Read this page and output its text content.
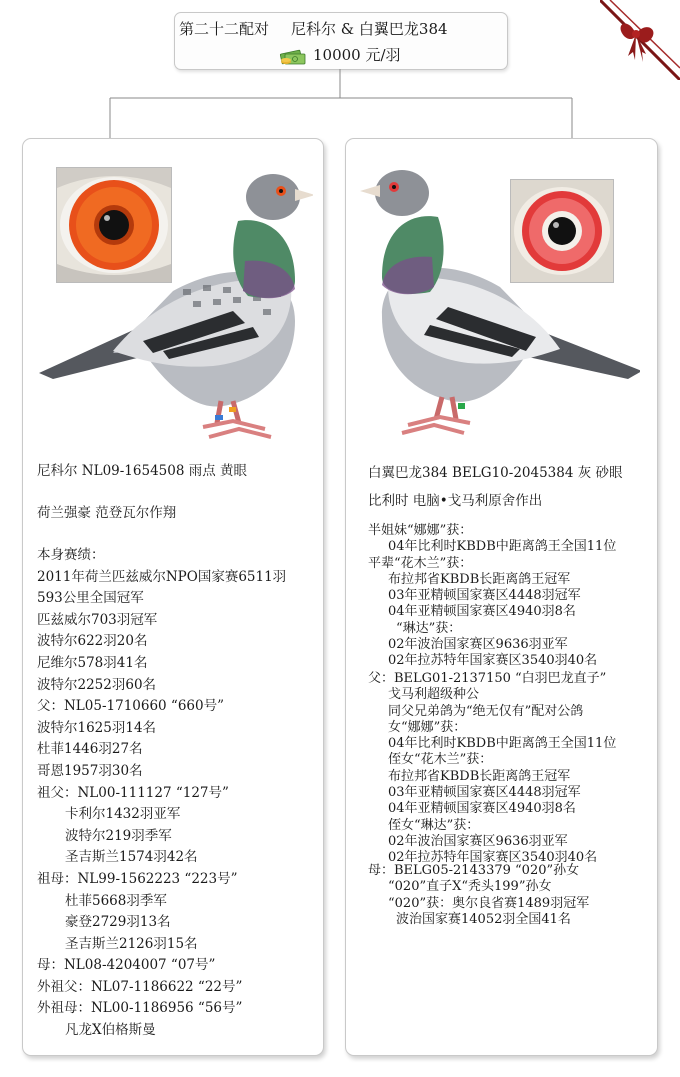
第二十二配对 尼科尔 & 白翼巴龙384
10000 元/羽
尼科尔 NL09-1654508 雨点 黄眼
荷兰强豪 范登瓦尔作翔
本身赛绩：
2011年荷兰匹兹威尔NPO国家赛6511羽
593公里全国冠军
匹兹威尔703羽冠军
波特尔622羽20名
尼维尔578羽41名
波特尔2252羽60名
父：NL05-1710660 “660号”
波特尔1625羽14名
杜菲1446羽27名
哥恩1957羽30名
祖父：NL00-111127 “127号”
卡利尔1432羽亚军
波特尔219羽季军
圣吉斯兰1574羽42名
祖母：NL99-1562223 “223号”
杜菲5668羽季军
豪登2729羽13名
圣吉斯兰2126羽15名
母：NL08-4204007 “07号”
外祖父：NL07-1186622 “22号”
外祖母：NL00-1186956 “56号”
凡龙X伯格斯曼
白翼巴龙384 BELG10-2045384 灰 砂眼
比利时 电脑•戈马利原舍作出
半姐妹“娜娜”获：
04年比利时KBDB中距离鸽王全国11位
平辈“花木兰”获：
布拉邦省KBDB长距离鸽王冠军
03年亚精顿国家赛区4448羽冠军
04年亚精顿国家赛区4940羽8名
“琳达”获：
02年波治国家赛区9636羽亚军
02年拉苏特年国家赛区3540羽40名
父：BELG01-2137150 “白羽巴龙直子”
戈马利超级种公
同父兄弟鸽为“绝无仅有”配对公鸽
女“娜娜”获：
04年比利时KBDB中距离鸽王全国11位
侄女“花木兰”获：
布拉邦省KBDB长距离鸽王冠军
03年亚精顿国家赛区4448羽冠军
04年亚精顿国家赛区4940羽8名
侄女“琳达”获：
02年波治国家赛区9636羽亚军
02年拉苏特年国家赛区3540羽40名
母：BELG05-2143379 “020”孙女
“020”直子X“秃头199”孙女
“020”获：奥尔良省赛1489羽冠军
波治国家赛14052羽全国41名
